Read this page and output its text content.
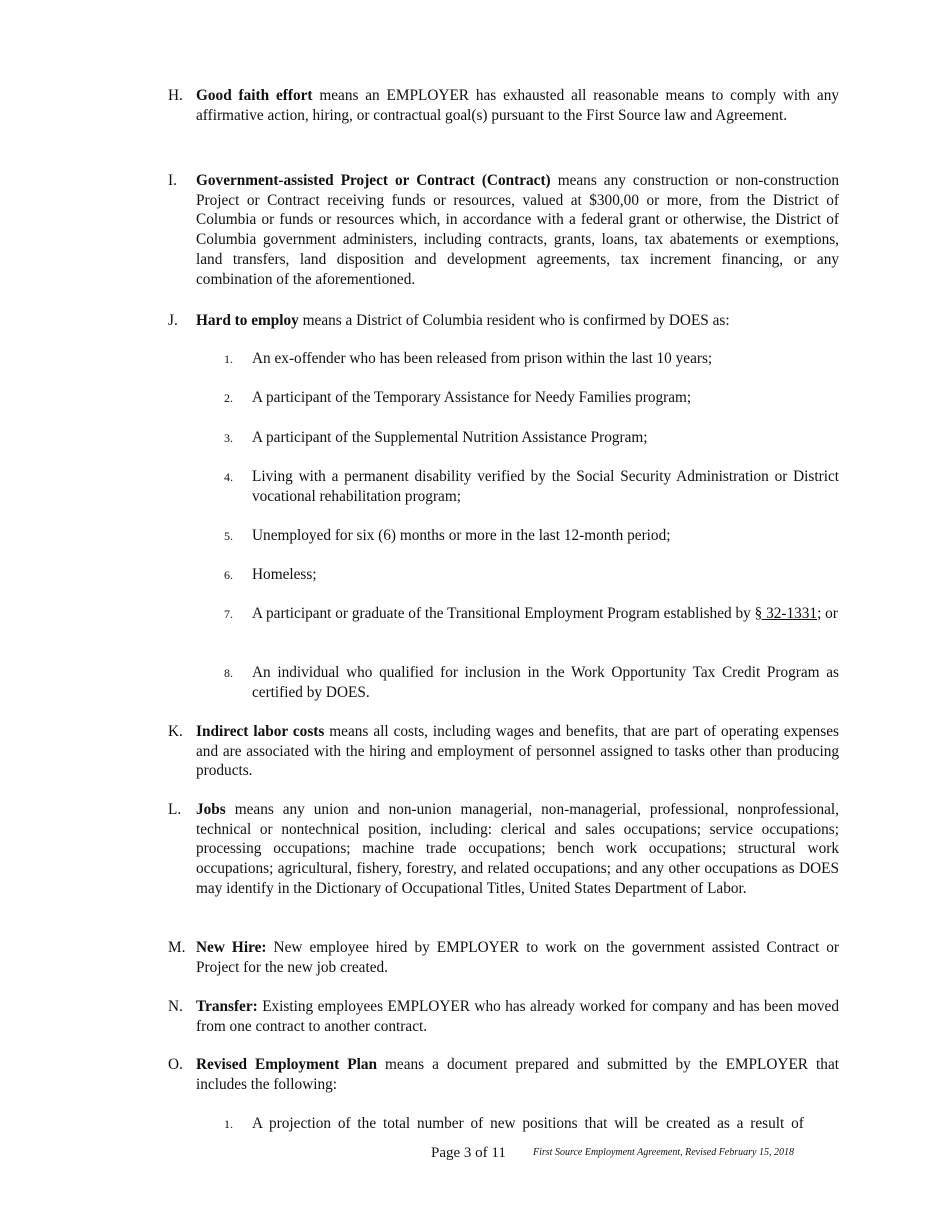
H. Good faith effort means an EMPLOYER has exhausted all reasonable means to comply with any affirmative action, hiring, or contractual goal(s) pursuant to the First Source law and Agreement.
I. Government-assisted Project or Contract (Contract) means any construction or non-construction Project or Contract receiving funds or resources, valued at $300,00 or more, from the District of Columbia or funds or resources which, in accordance with a federal grant or otherwise, the District of Columbia government administers, including contracts, grants, loans, tax abatements or exemptions, land transfers, land disposition and development agreements, tax increment financing, or any combination of the aforementioned.
J. Hard to employ means a District of Columbia resident who is confirmed by DOES as:
1. An ex-offender who has been released from prison within the last 10 years;
2. A participant of the Temporary Assistance for Needy Families program;
3. A participant of the Supplemental Nutrition Assistance Program;
4. Living with a permanent disability verified by the Social Security Administration or District vocational rehabilitation program;
5. Unemployed for six (6) months or more in the last 12-month period;
6. Homeless;
7. A participant or graduate of the Transitional Employment Program established by § 32-1331; or
8. An individual who qualified for inclusion in the Work Opportunity Tax Credit Program as certified by DOES.
K. Indirect labor costs means all costs, including wages and benefits, that are part of operating expenses and are associated with the hiring and employment of personnel assigned to tasks other than producing products.
L. Jobs means any union and non-union managerial, non-managerial, professional, nonprofessional, technical or nontechnical position, including: clerical and sales occupations; service occupations; processing occupations; machine trade occupations; bench work occupations; structural work occupations; agricultural, fishery, forestry, and related occupations; and any other occupations as DOES may identify in the Dictionary of Occupational Titles, United States Department of Labor.
M. New Hire: New employee hired by EMPLOYER to work on the government assisted Contract or Project for the new job created.
N. Transfer: Existing employees EMPLOYER who has already worked for company and has been moved from one contract to another contract.
O. Revised Employment Plan means a document prepared and submitted by the EMPLOYER that includes the following:
1. A projection of the total number of new positions that will be created as a result of
Page 3 of 11	First Source Employment Agreement, Revised February 15, 2018
